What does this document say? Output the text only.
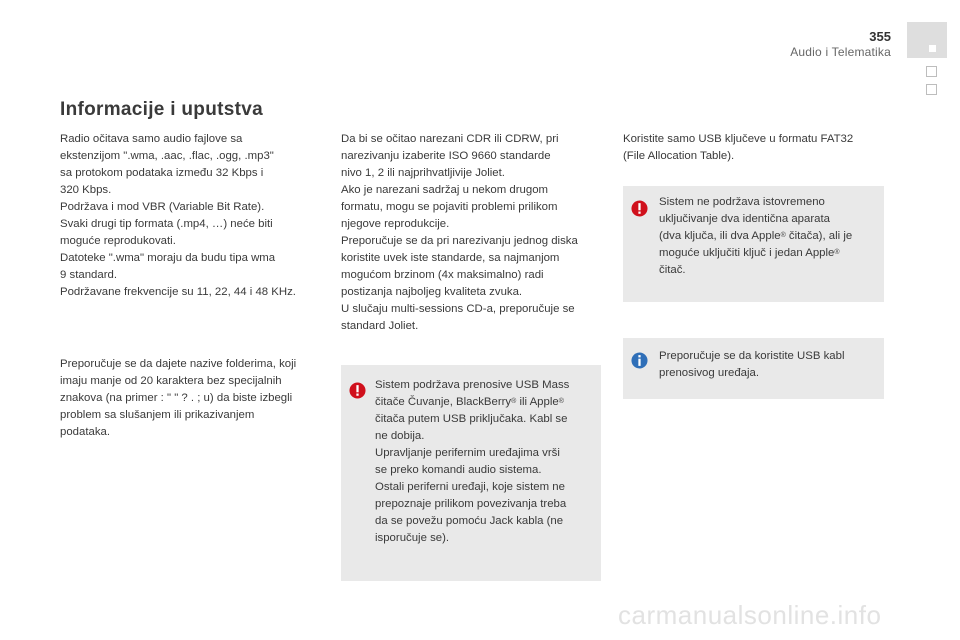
355
Audio i Telematika
Informacije i uputstva

Radio očitava samo audio fajlove sa

ekstenzijom ".wma, .aac, .flac, .ogg, .mp3"

sa protokom podataka između 32 Kbps i

320 Kbps.

Podržava i mod VBR (Variable Bit Rate).

Svaki drugi tip formata (.mp4, …) neće biti

moguće reprodukovati.

Datoteke ".wma" moraju da budu tipa wma

9 standard.

Podržavane frekvencije su 11, 22, 44 i 48 KHz.

Preporučuje se da dajete nazive folderima, koji

imaju manje od 20 karaktera bez specijalnih

znakova (na primer : " " ? . ; u) da biste izbegli

problem sa slušanjem ili prikazivanjem

podataka.

Da bi se očitao narezani CDR ili CDRW, pri

narezivanju izaberite ISO 9660 standarde

nivo 1, 2 ili najprihvatljivije Joliet.

Ako je narezani sadržaj u nekom drugom

formatu, mogu se pojaviti problemi prilikom

njegove reprodukcije.

Preporučuje se da pri narezivanju jednog diska

koristite uvek iste standarde, sa najmanjom

mogućom brzinom (4x maksimalno) radi

postizanja najboljeg kvaliteta zvuka.

U slučaju multi-sessions CD-a, preporučuje se

standard Joliet.

Sistem podržava prenosive USB Mass

čitače Čuvanje, BlackBerry® ili Apple®

čitača putem USB priključaka. Kabl se

ne dobija.

Upravljanje perifernim uređajima vrši

se preko komandi audio sistema.

Ostali periferni uređaji, koje sistem ne

prepoznaje prilikom povezivanja treba

da se povežu pomoću Jack kabla (ne

isporučuje se).

Koristite samo USB ključeve u formatu FAT32

(File Allocation Table).

Sistem ne podržava istovremeno

uključivanje dva identična aparata

(dva ključa, ili dva Apple® čitača), ali je

moguće uključiti ključ i jedan Apple®

čitač.

Preporučuje se da koristite USB kabl

prenosivog uređaja.

carmanualsonline.info
